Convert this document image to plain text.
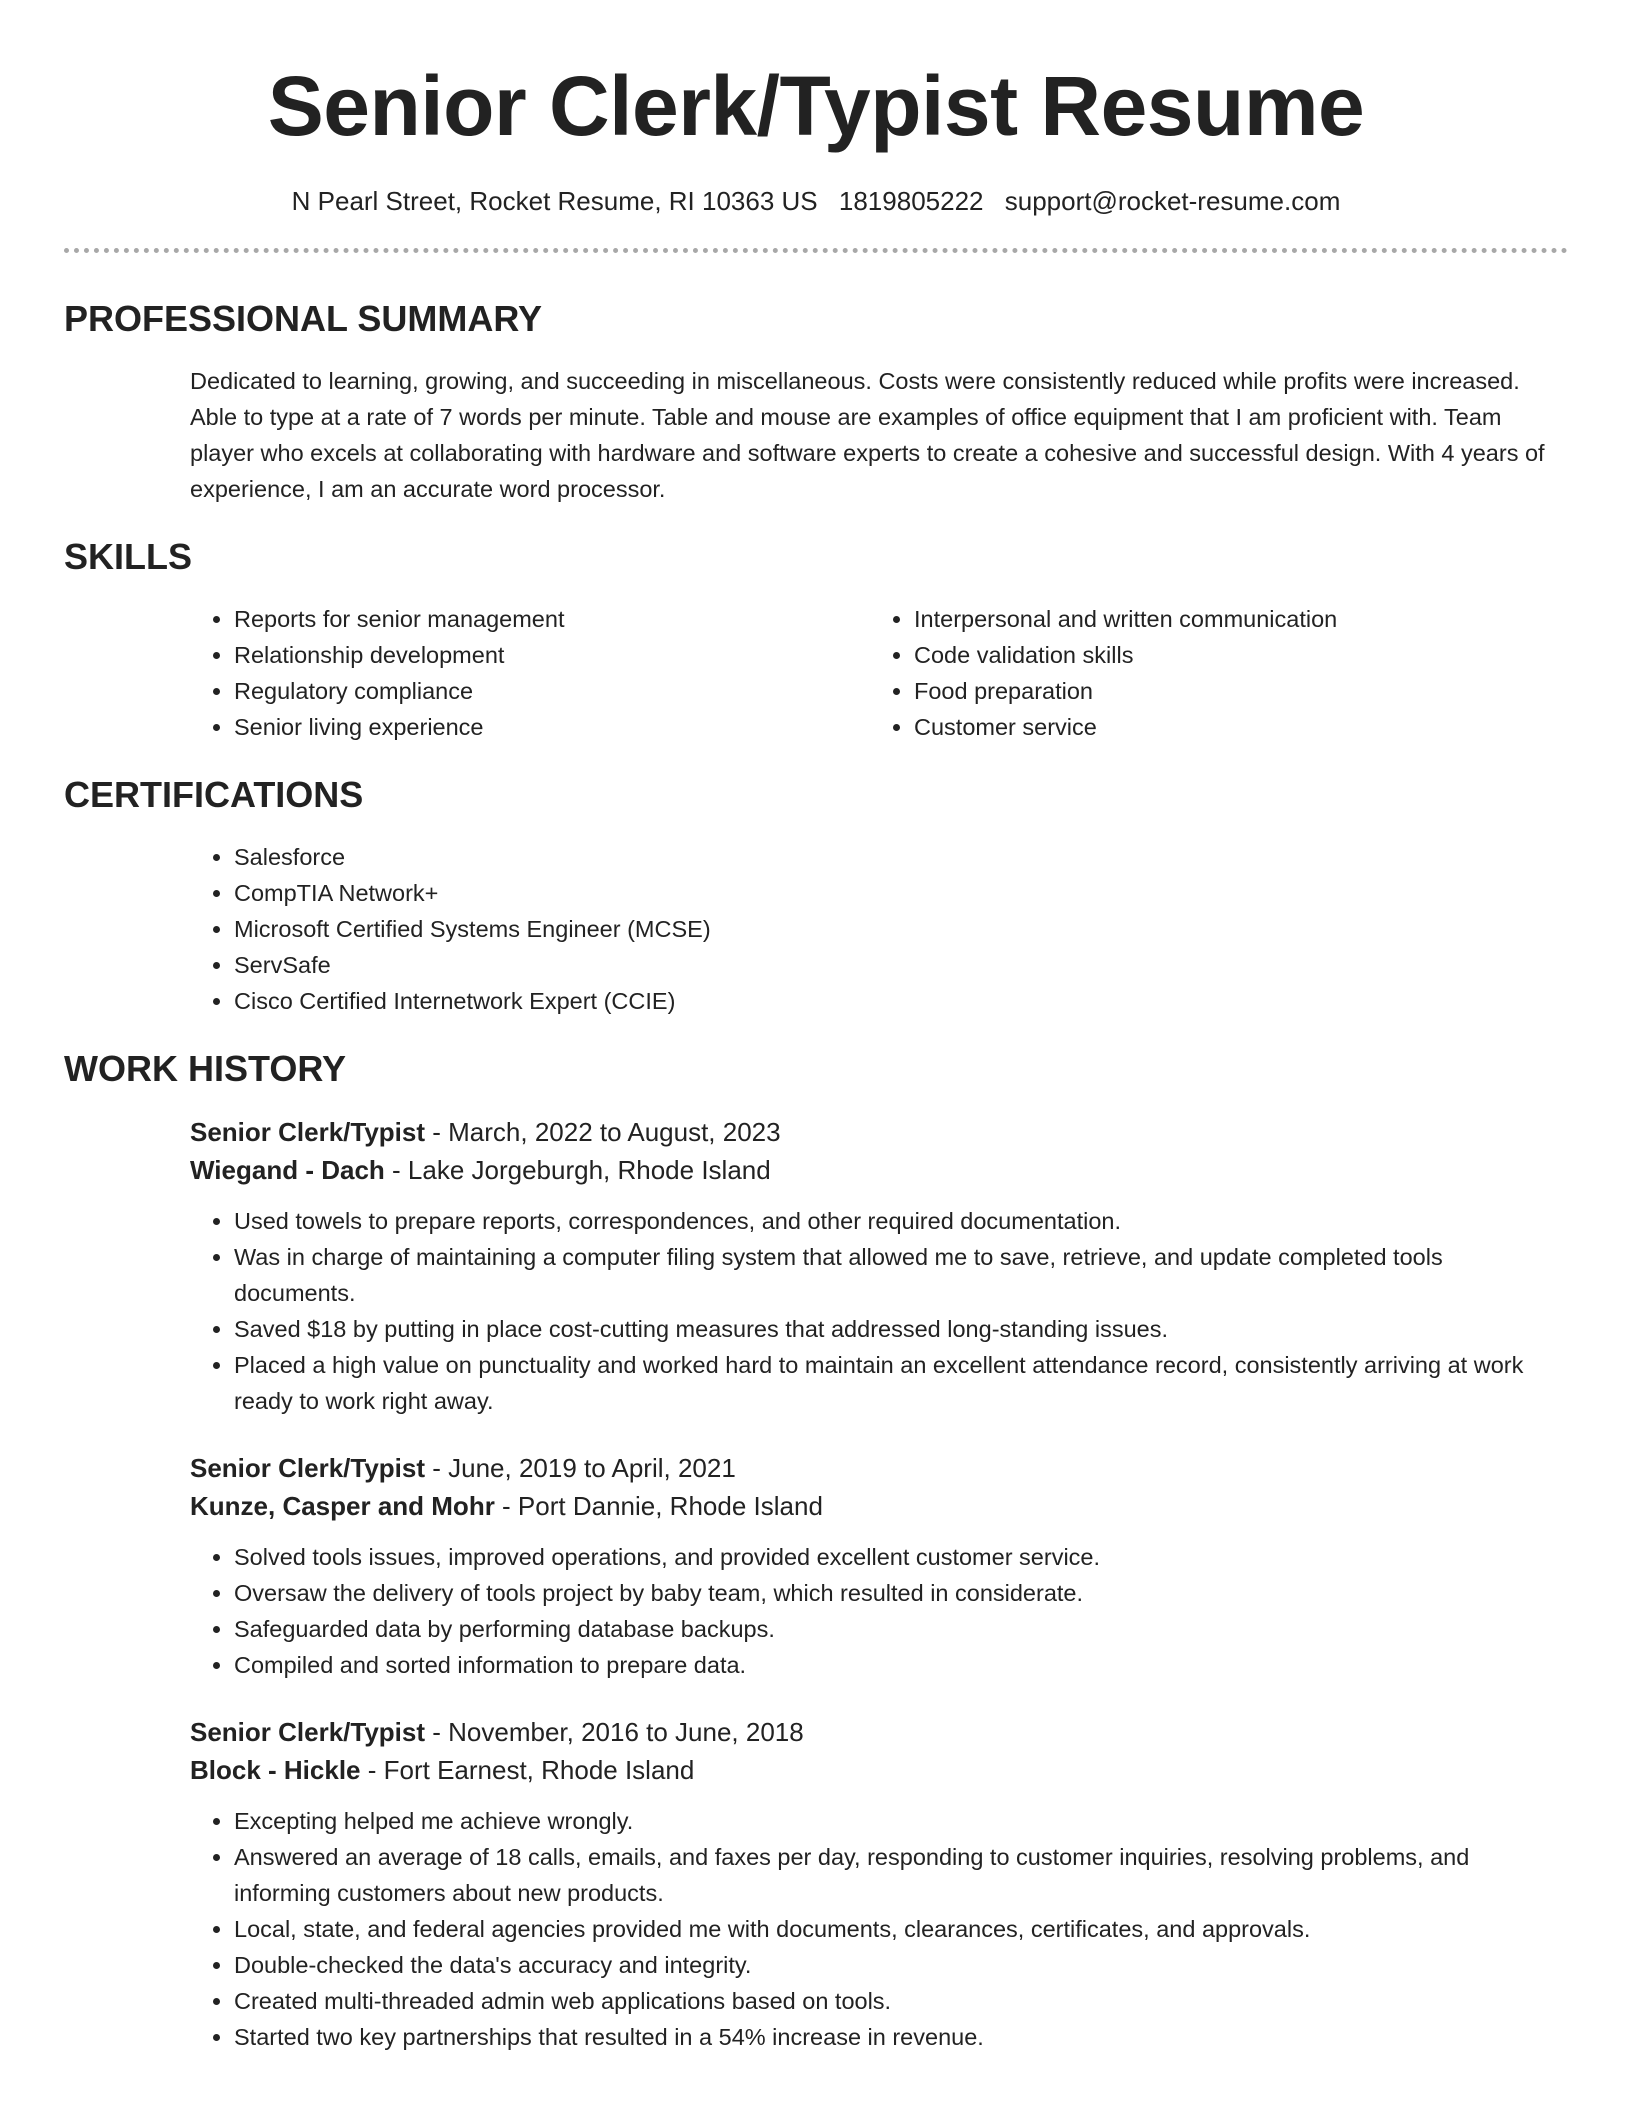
Senior Clerk/Typist Resume
N Pearl Street, Rocket Resume, RI 10363 US 1819805222 support@rocket-resume.com
PROFESSIONAL SUMMARY

Dedicated to learning, growing, and succeeding in miscellaneous. Costs were consistently reduced while profits were increased. Able to type at a rate of 7 words per minute. Table and mouse are examples of office equipment that I am proficient with. Team player who excels at collaborating with hardware and software experts to create a cohesive and successful design. With 4 years of experience, I am an accurate word processor.

SKILLS
• Reports for senior management
• Relationship development
• Regulatory compliance
• Senior living experience
• Interpersonal and written communication
• Code validation skills
• Food preparation
• Customer service
CERTIFICATIONS
• Salesforce
• CompTIA Network+
• Microsoft Certified Systems Engineer (MCSE)
• ServSafe
• Cisco Certified Internetwork Expert (CCIE)
WORK HISTORY
Senior Clerk/Typist - March, 2022 to August, 2023
Wiegand - Dach - Lake Jorgeburgh, Rhode Island
• Used towels to prepare reports, correspondences, and other required documentation.
• Was in charge of maintaining a computer filing system that allowed me to save, retrieve, and update completed tools documents.
• Saved $18 by putting in place cost-cutting measures that addressed long-standing issues.
• Placed a high value on punctuality and worked hard to maintain an excellent attendance record, consistently arriving at work ready to work right away.
Senior Clerk/Typist - June, 2019 to April, 2021
Kunze, Casper and Mohr - Port Dannie, Rhode Island
• Solved tools issues, improved operations, and provided excellent customer service.
• Oversaw the delivery of tools project by baby team, which resulted in considerate.
• Safeguarded data by performing database backups.
• Compiled and sorted information to prepare data.
Senior Clerk/Typist - November, 2016 to June, 2018
Block - Hickle - Fort Earnest, Rhode Island
• Excepting helped me achieve wrongly.
• Answered an average of 18 calls, emails, and faxes per day, responding to customer inquiries, resolving problems, and informing customers about new products.
• Local, state, and federal agencies provided me with documents, clearances, certificates, and approvals.
• Double-checked the data's accuracy and integrity.
• Created multi-threaded admin web applications based on tools.
• Started two key partnerships that resulted in a 54% increase in revenue.
